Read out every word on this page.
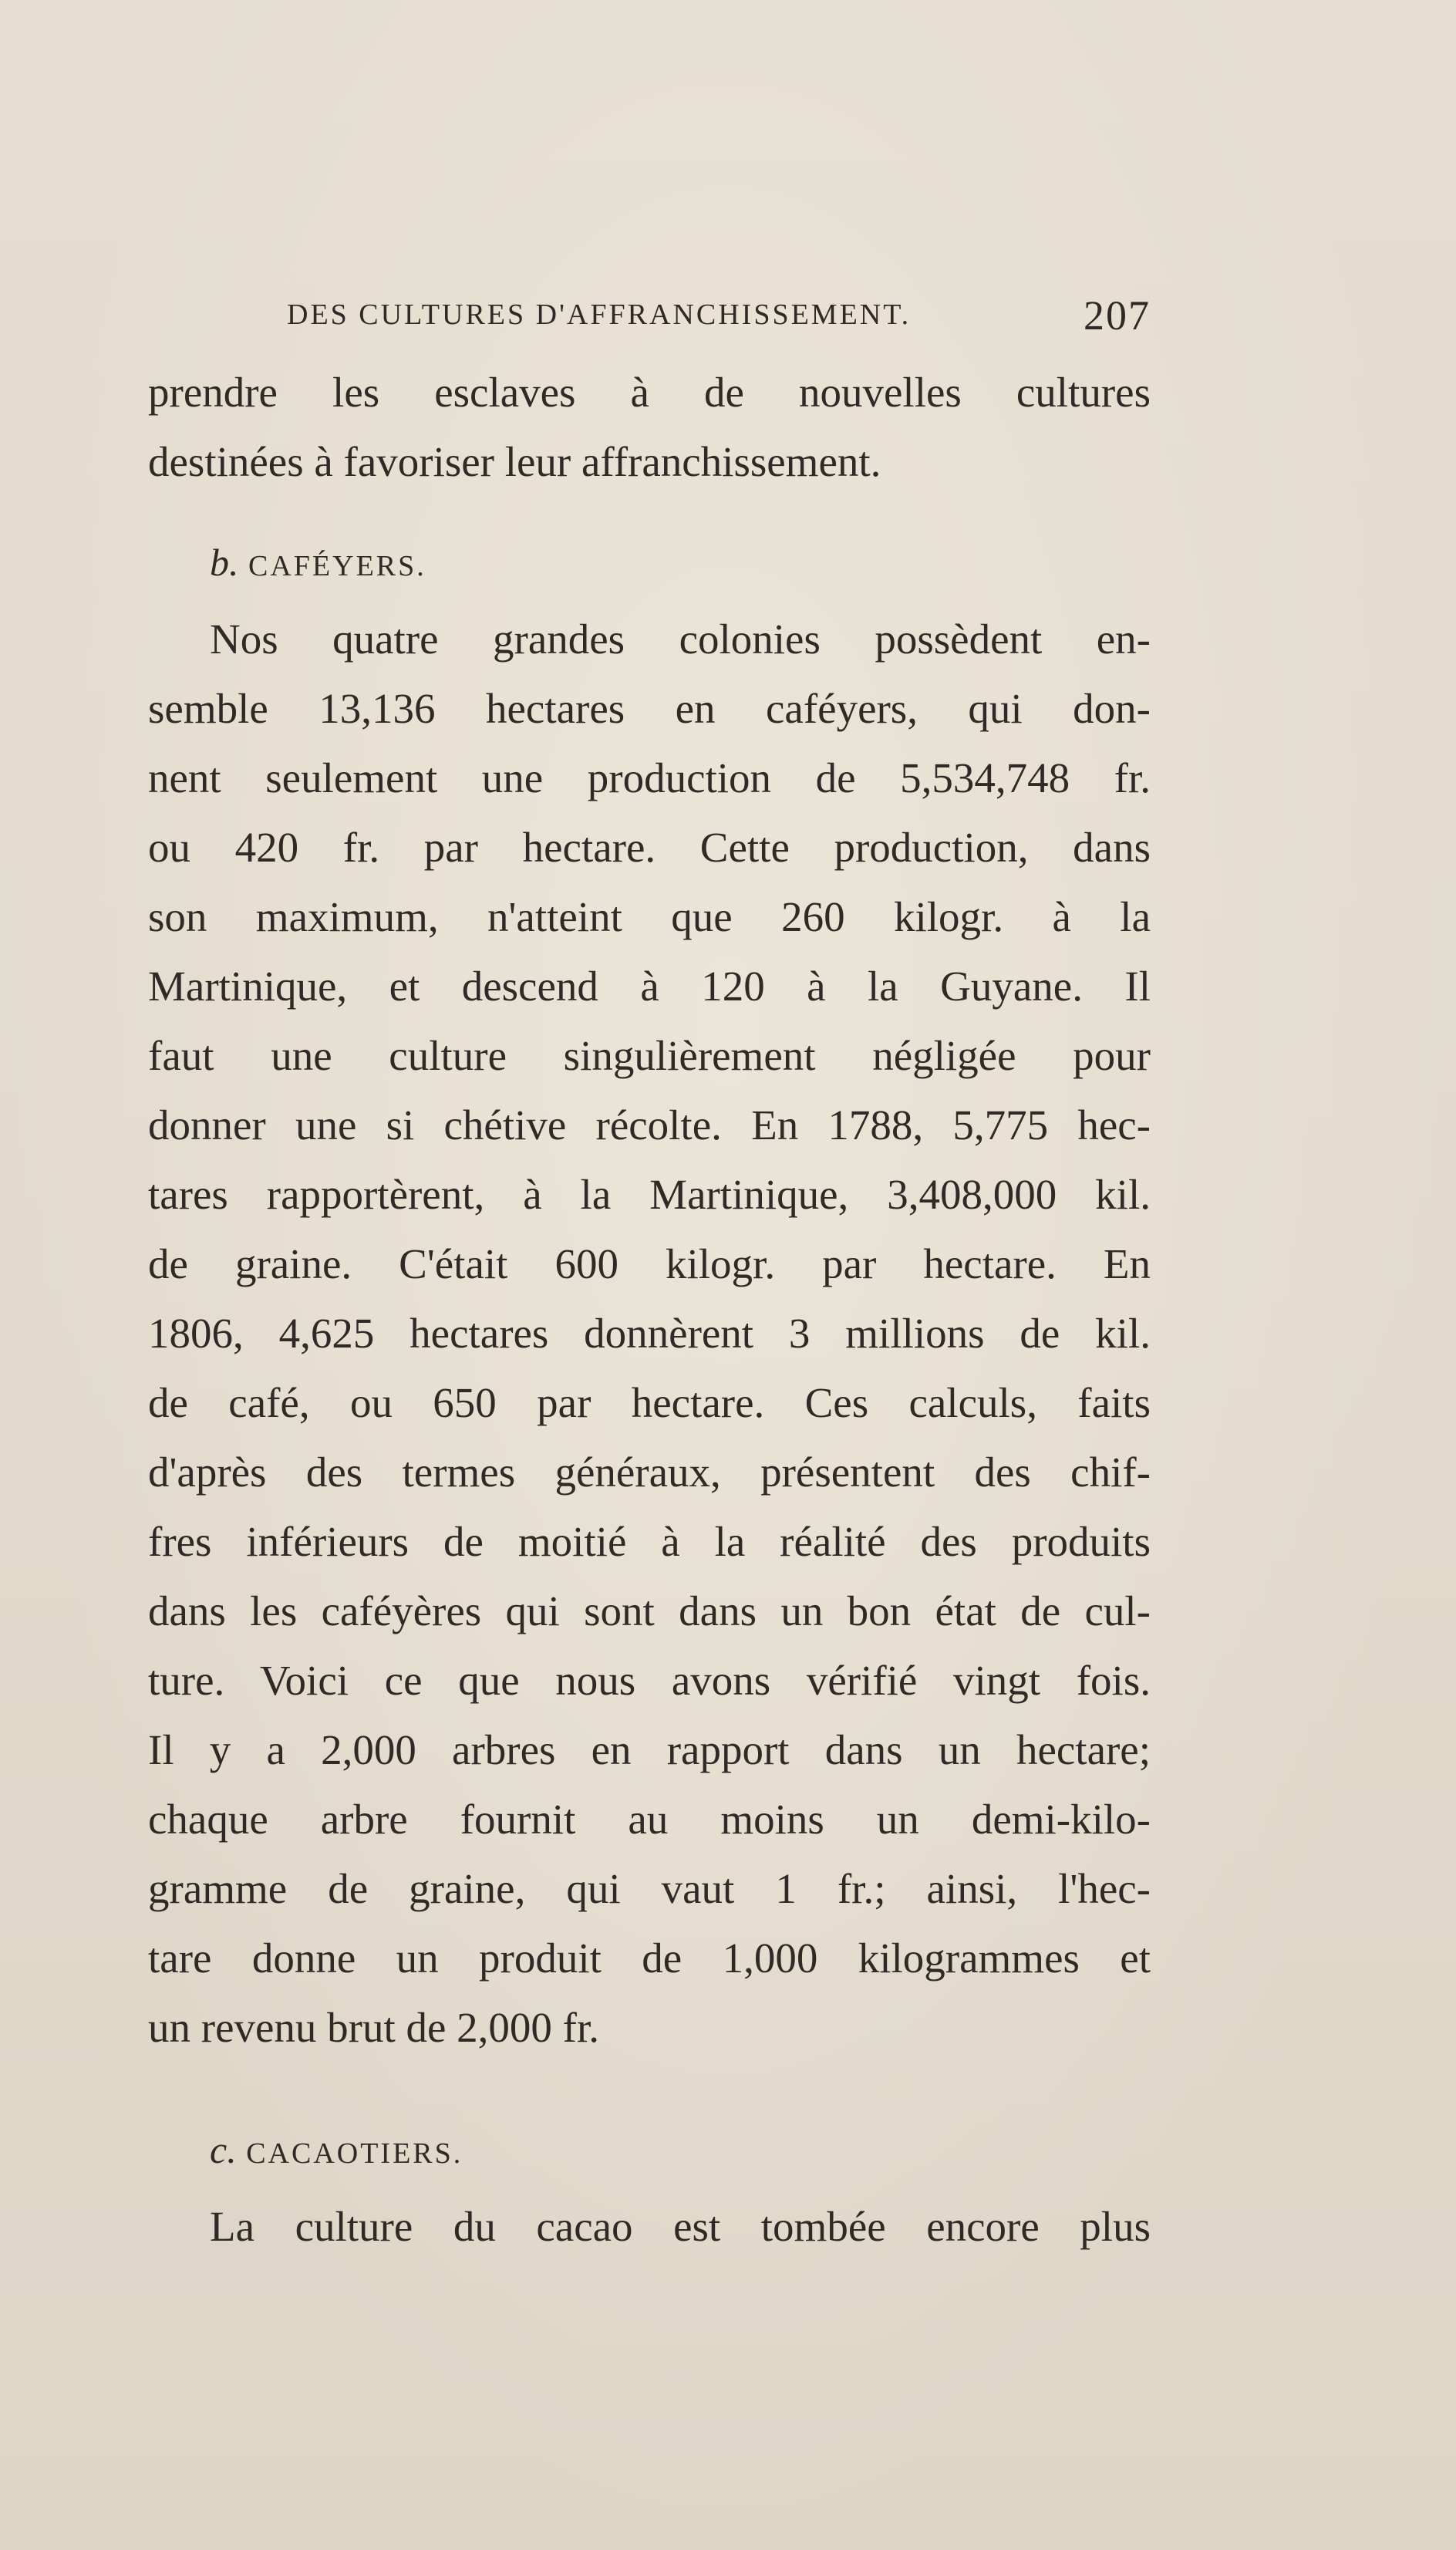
DES CULTURES D'AFFRANCHISSEMENT.	207
prendre les esclaves à de nouvelles cultures
destinées à favoriser leur affranchissement.
b. CAFÉYERS.
Nos quatre grandes colonies possèdent en-
semble 13,136 hectares en caféyers, qui don-
nent seulement une production de 5,534,748 fr.
ou 420 fr. par hectare. Cette production, dans
son maximum, n'atteint que 260 kilogr. à la
Martinique, et descend à 120 à la Guyane. Il
faut une culture singulièrement négligée pour
donner une si chétive récolte. En 1788, 5,775 hec-
tares rapportèrent, à la Martinique, 3,408,000 kil.
de graine. C'était 600 kilogr. par hectare. En
1806, 4,625 hectares donnèrent 3 millions de kil.
de café, ou 650 par hectare. Ces calculs, faits
d'après des termes généraux, présentent des chif-
fres inférieurs de moitié à la réalité des produits
dans les caféyères qui sont dans un bon état de cul-
ture. Voici ce que nous avons vérifié vingt fois.
Il y a 2,000 arbres en rapport dans un hectare;
chaque arbre fournit au moins un demi-kilo-
gramme de graine, qui vaut 1 fr.; ainsi, l'hec-
tare donne un produit de 1,000 kilogrammes et
un revenu brut de 2,000 fr.
c. CACAOTIERS.
La culture du cacao est tombée encore plus
